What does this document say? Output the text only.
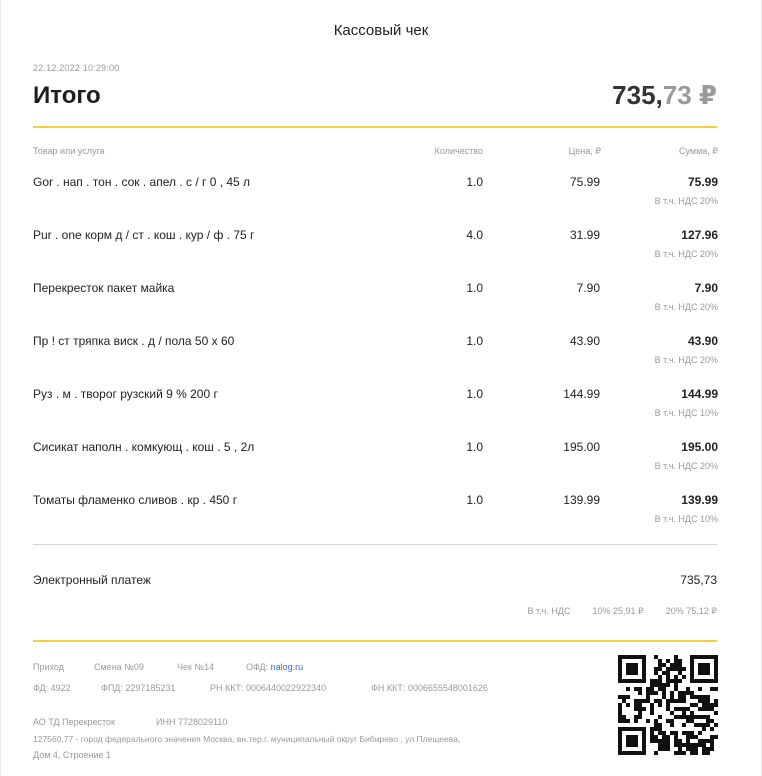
Кассовый чек
22.12.2022 10:29:00
Итого	735,73 ₽
Товар или услуга	Количество	Цена, ₽	Сумма, ₽
Gor . нап . тон . сок . апел . с / г 0 , 45 л	1.0	75.99	75.99
В т.ч. НДС 20%
Pur . one корм д / ст . кош . кур / ф . 75 г	4.0	31.99	127.96
В т.ч. НДС 20%
Перекресток пакет майка	1.0	7.90	7.90
В т.ч. НДС 20%
Пр ! ст тряпка виск . д / пола 50 x 60	1.0	43.90	43.90
В т.ч. НДС 20%
Руз . м . творог рузский 9 % 200 г	1.0	144.99	144.99
В т.ч. НДС 10%
Сисикат наполн . комкующ . кош . 5 , 2л	1.0	195.00	195.00
В т.ч. НДС 20%
Томаты фламенко сливов . кр . 450 г	1.0	139.99	139.99
В т.ч. НДС 10%
Электронный платеж	735,73
В т.ч. НДС 10% 25,91 ₽ 20% 75,12 ₽
Приход	Смена №09	Чек №14	ОФД: nalog.ru
ФД: 4922	ФПД: 2297185231	РН ККТ: 0006440022922340	ФН ККТ: 0006655548001626
АО ТД Перекресток	ИНН 7728029110
127560,77 - город федерального значения Москва, вн.тер.г. муниципальный округ Бибирево , ул Плещеева,
Дом 4, Строение 1
